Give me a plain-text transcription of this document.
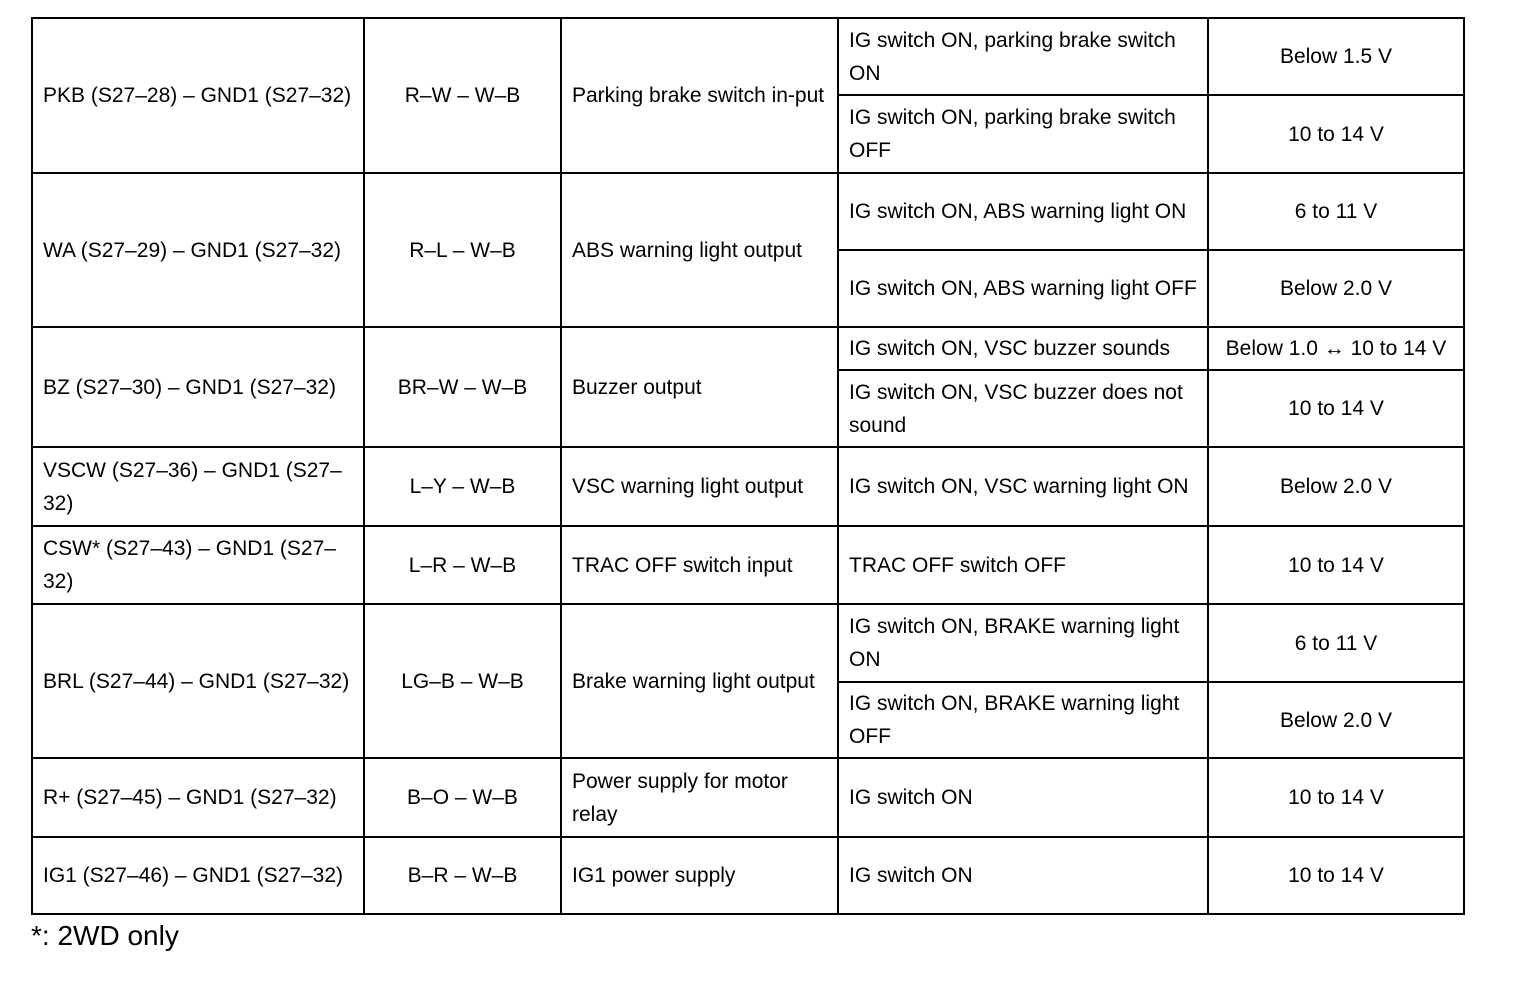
PKB (S27–28) – GND1 (S27–32)	R–W – W–B	Parking brake switch in-put	IG switch ON, parking brake switch ON	Below 1.5 V
			IG switch ON, parking brake switch OFF	10 to 14 V
WA (S27–29) – GND1 (S27–32)	R–L – W–B	ABS warning light output	IG switch ON, ABS warning light ON	6 to 11 V
			IG switch ON, ABS warning light OFF	Below 2.0 V
BZ (S27–30) – GND1 (S27–32)	BR–W – W–B	Buzzer output	IG switch ON, VSC buzzer sounds	Below 1.0 ↔ 10 to 14 V
			IG switch ON, VSC buzzer does not sound	10 to 14 V
VSCW (S27–36) – GND1 (S27–32)	L–Y – W–B	VSC warning light output	IG switch ON, VSC warning light ON	Below 2.0 V
CSW* (S27–43) – GND1 (S27–32)	L–R – W–B	TRAC OFF switch input	TRAC OFF switch OFF	10 to 14 V
BRL (S27–44) – GND1 (S27–32)	LG–B – W–B	Brake warning light output	IG switch ON, BRAKE warning light ON	6 to 11 V
			IG switch ON, BRAKE warning light OFF	Below 2.0 V
R+ (S27–45) – GND1 (S27–32)	B–O – W–B	Power supply for motor relay	IG switch ON	10 to 14 V
IG1 (S27–46) – GND1 (S27–32)	B–R – W–B	IG1 power supply	IG switch ON	10 to 14 V
*: 2WD only
